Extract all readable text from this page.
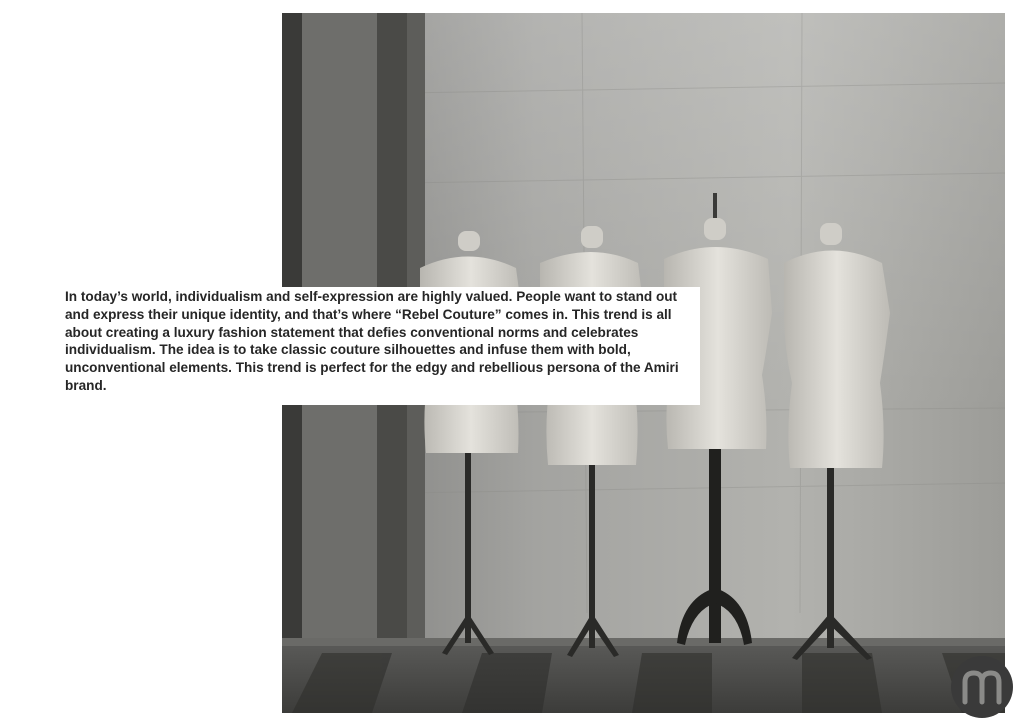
In today’s world, individualism and self-expression are highly valued. People want to stand out and express their unique identity, and that’s where “Rebel Couture” comes in. This trend is all about creating a luxury fashion statement that defies conventional norms and celebrates individualism. The idea is to take classic couture silhouettes and infuse them with bold, unconventional elements. This trend is perfect for the edgy and rebellious persona of the Amiri brand.
